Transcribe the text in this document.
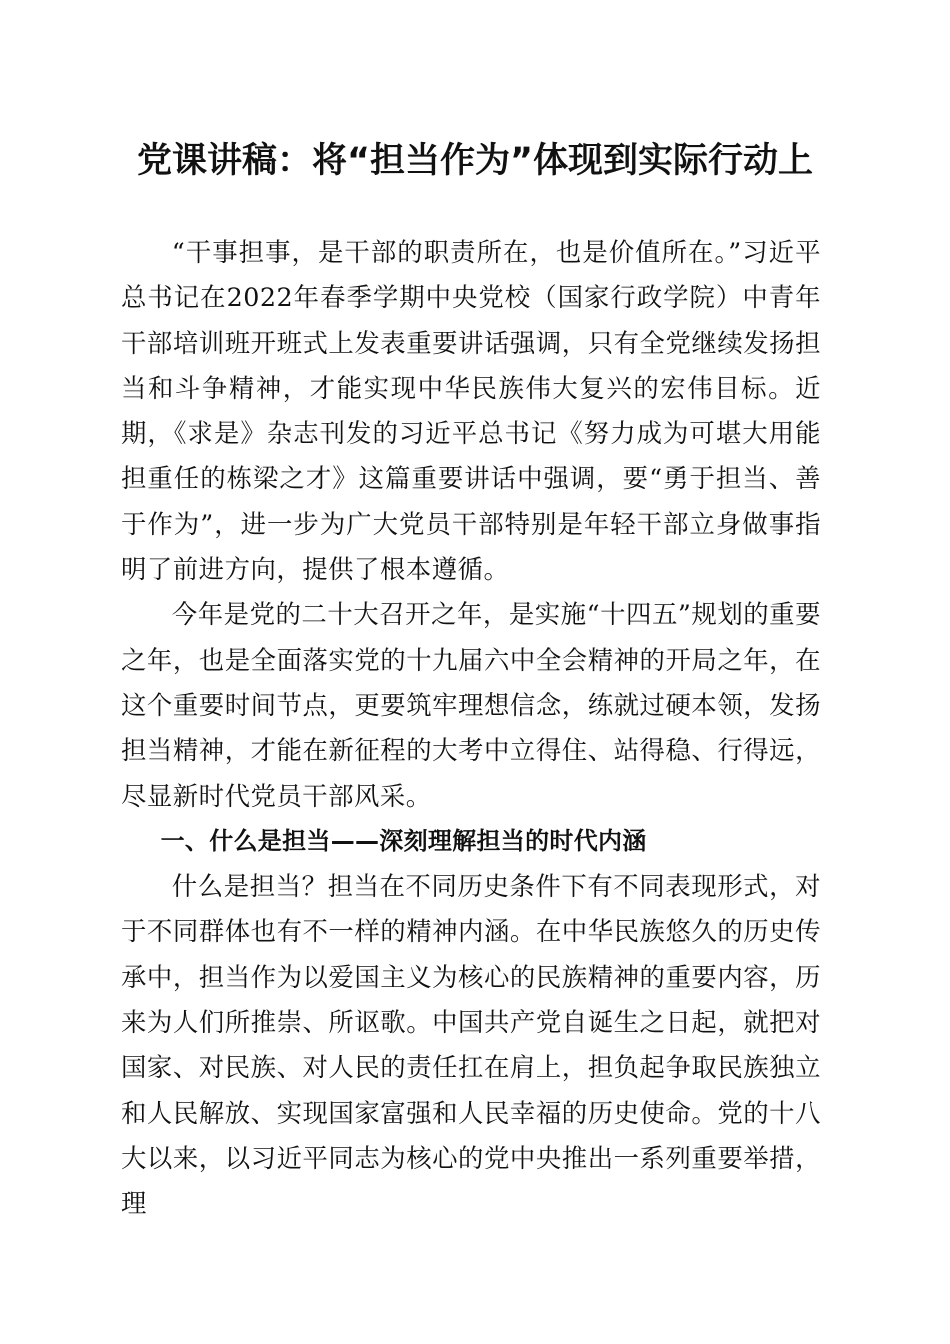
党课讲稿：将“担当作为”体现到实际行动上

“干事担事，是干部的职责所在，也是价值所在。”习近平总书记在2022年春季学期中央党校（国家行政学院）中青年干部培训班开班式上发表重要讲话强调，只有全党继续发扬担当和斗争精神，才能实现中华民族伟大复兴的宏伟目标。近期，《求是》杂志刊发的习近平总书记《努力成为可堪大用能担重任的栋梁之才》这篇重要讲话中强调，要“勇于担当、善于作为”，进一步为广大党员干部特别是年轻干部立身做事指明了前进方向，提供了根本遵循。

今年是党的二十大召开之年，是实施“十四五”规划的重要之年，也是全面落实党的十九届六中全会精神的开局之年，在这个重要时间节点，更要筑牢理想信念，练就过硬本领，发扬担当精神，才能在新征程的大考中立得住、站得稳、行得远，尽显新时代党员干部风采。

一、什么是担当——深刻理解担当的时代内涵

什么是担当？担当在不同历史条件下有不同表现形式，对于不同群体也有不一样的精神内涵。在中华民族悠久的历史传承中，担当作为以爱国主义为核心的民族精神的重要内容，历来为人们所推崇、所讴歌。中国共产党自诞生之日起，就把对国家、对民族、对人民的责任扛在肩上，担负起争取民族独立和人民解放、实现国家富强和人民幸福的历史使命。党的十八大以来，以习近平同志为核心的党中央推出一系列重要举措，理
